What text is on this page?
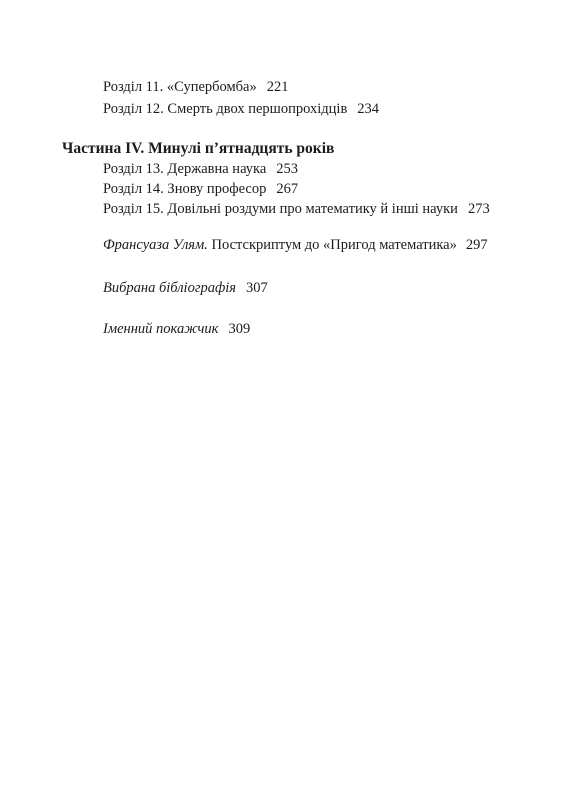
Розділ 11. «Супербомба» 221
Розділ 12. Смерть двох першопрохідців 234
Частина IV. Минулі п’ятнадцять років
Розділ 13. Державна наука 253
Розділ 14. Знову професор 267
Розділ 15. Довільні роздуми про математику й інші науки 273
Франсуаза Улям. Постскриптум до «Пригод математика» 297
Вибрана бібліографія 307
Іменний покажчик 309
